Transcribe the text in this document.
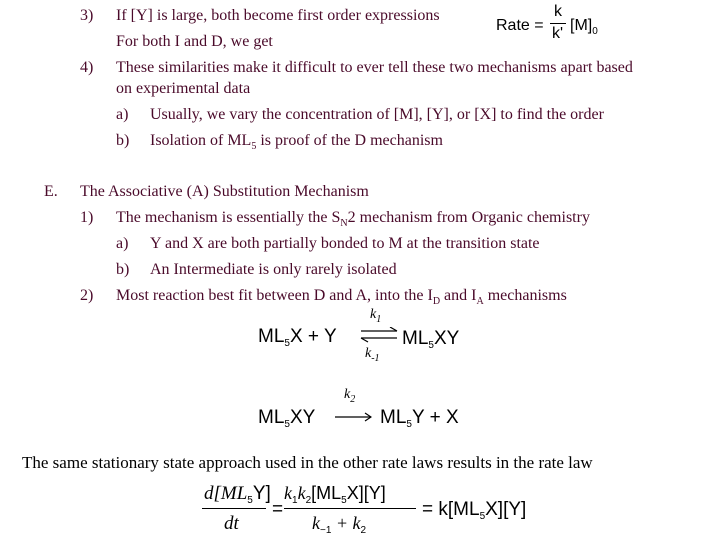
3) If [Y] is large, both become first order expressions
Rate =
k
k' $[M]_0$
For both I and D, we get
4) These similarities make it difficult to ever tell these two mechanisms apart based
on experimental data
a) Usually, we vary the concentration of [M], [Y], or [X] to find the order
b) Isolation of $ML_5$ is proof of the D mechanism
E. The Associative (A) Substitution Mechanism
1) The mechanism is essentially the $S_N2$ mechanism from Organic chemistry
a) Y and X are both partially bonded to M at the transition state
b) An Intermediate is only rarely isolated
2) Most reaction best fit between D and A, into the $I_D$ and $I_A$ mechanisms
$ML_5X + Y$
$k_1$
$k_{-1}$
$ML_5XY$
$ML_5XY$
$k_2$
$ML_5Y + X$
The same stationary state approach used in the other rate laws results in the rate law
$d[ML_5Y]$
dt
=
$k_1k_2[ML_5X][Y]$
$k_{-1} + k_2$
= $k[ML_5X][Y]$
